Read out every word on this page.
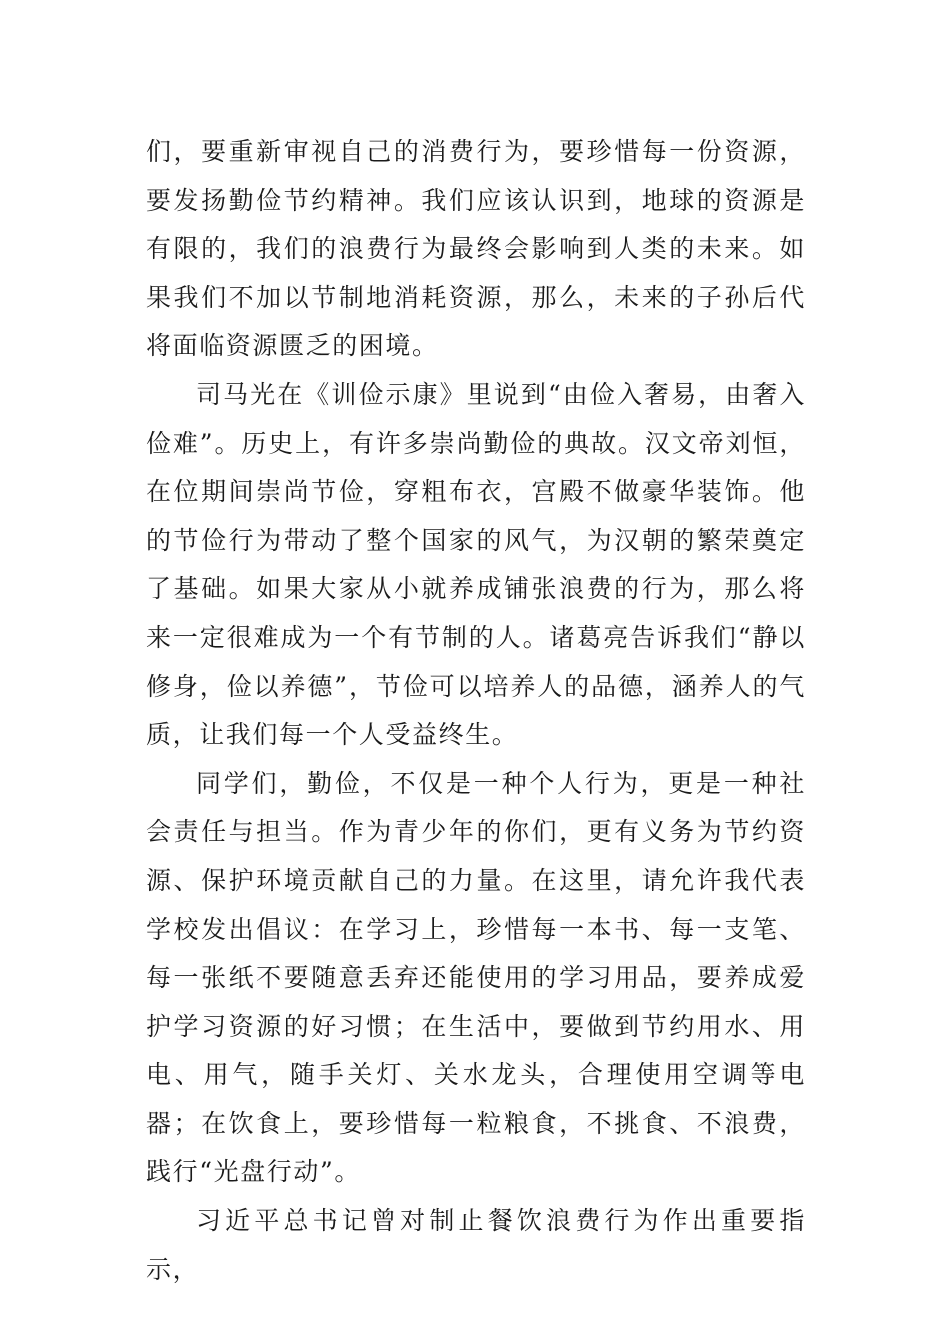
们，要重新审视自己的消费行为，要珍惜每一份资源，要发扬勤俭节约精神。我们应该认识到，地球的资源是有限的，我们的浪费行为最终会影响到人类的未来。如果我们不加以节制地消耗资源，那么，未来的子孙后代将面临资源匮乏的困境。

司马光在《训俭示康》里说到“由俭入奢易，由奢入俭难”。历史上，有许多崇尚勤俭的典故。汉文帝刘恒，在位期间崇尚节俭，穿粗布衣，宫殿不做豪华装饰。他的节俭行为带动了整个国家的风气，为汉朝的繁荣奠定了基础。如果大家从小就养成铺张浪费的行为，那么将来一定很难成为一个有节制的人。诸葛亮告诉我们“静以修身，俭以养德”，节俭可以培养人的品德，涵养人的气质，让我们每一个人受益终生。

同学们，勤俭，不仅是一种个人行为，更是一种社会责任与担当。作为青少年的你们，更有义务为节约资源、保护环境贡献自己的力量。在这里，请允许我代表学校发出倡议：在学习上，珍惜每一本书、每一支笔、每一张纸不要随意丢弃还能使用的学习用品，要养成爱护学习资源的好习惯；在生活中，要做到节约用水、用电、用气，随手关灯、关水龙头，合理使用空调等电器；在饮食上，要珍惜每一粒粮食，不挑食、不浪费，践行“光盘行动”。

习近平总书记曾对制止餐饮浪费行为作出重要指示，
